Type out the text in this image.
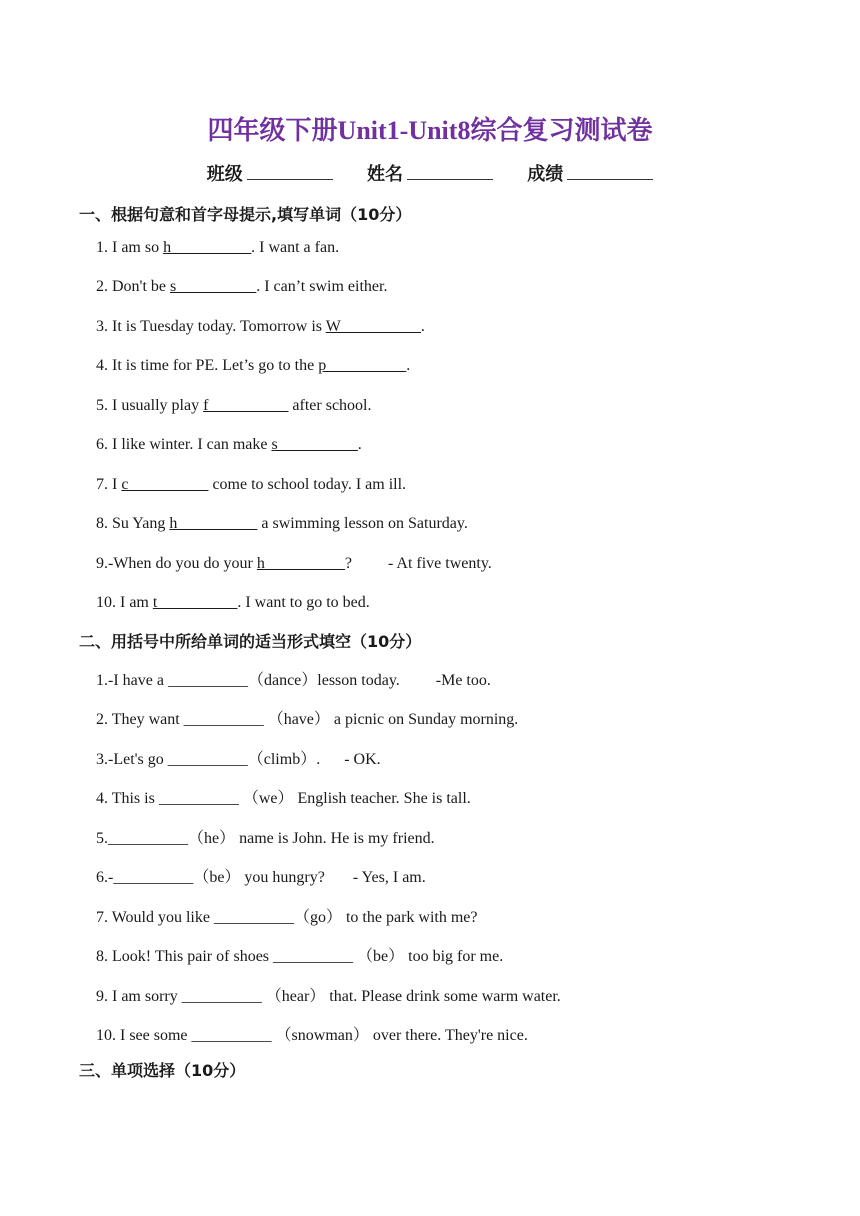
四年级下册Unit1-Unit8综合复习测试卷
班级	姓名	成绩
一、根据句意和首字母提示,填写单词（10分）
1. I am so h__________. I want a fan.
2. Don't be s__________. I can’t swim either.
3. It is Tuesday today. Tomorrow is W__________.
4. It is time for PE. Let’s go to the p__________.
5. I usually play f__________ after school.
6. I like winter. I can make s__________.
7. I c__________ come to school today. I am ill.
8. Su Yang h__________ a swimming lesson on Saturday.
9.-When do you do your h__________?         - At five twenty.
10. I am t__________. I want to go to bed.
二、用括号中所给单词的适当形式填空（10分）
1.-I have a __________（dance）lesson today.         -Me too.
2. They want __________ （have） a picnic on Sunday morning.
3.-Let's go __________（climb）.      - OK.
4. This is __________ （we） English teacher. She is tall.
5.__________（he） name is John. He is my friend.
6.-__________（be） you hungry?       - Yes, I am.
7. Would you like __________（go） to the park with me?
8. Look! This pair of shoes __________ （be） too big for me.
9. I am sorry __________ （hear） that. Please drink some warm water.
10. I see some __________ （snowman） over there. They're nice.
三、单项选择（10分）
